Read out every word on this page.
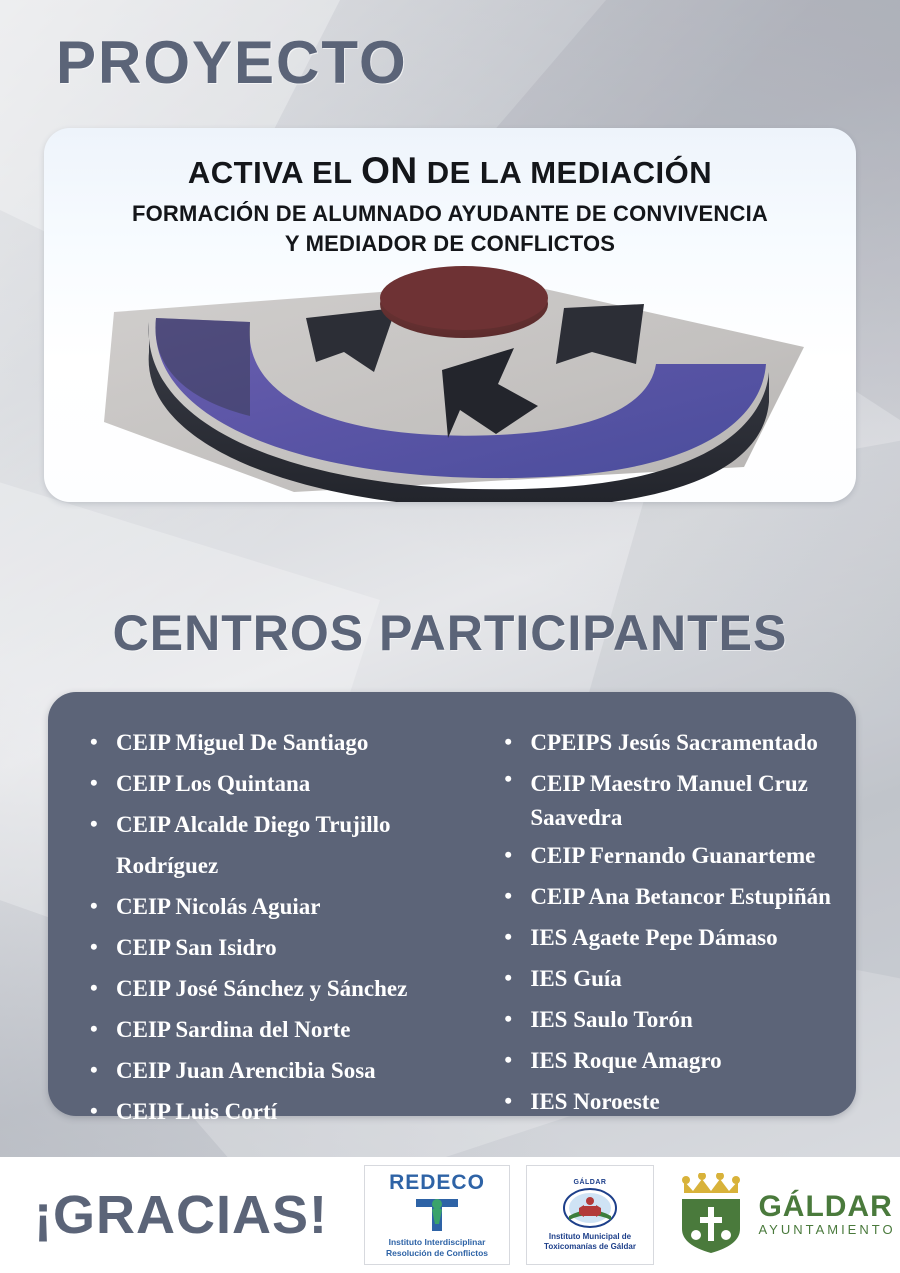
PROYECTO
ACTIVA EL ON DE LA MEDIACIÓN
FORMACIÓN DE ALUMNADO AYUDANTE DE CONVIVENCIA
Y MEDIADOR DE CONFLICTOS
CENTROS PARTICIPANTES
• CEIP Miguel De Santiago
• CEIP Los Quintana
• CEIP Alcalde Diego Trujillo Rodríguez
• CEIP Nicolás Aguiar
• CEIP San Isidro
• CEIP José Sánchez y Sánchez
• CEIP Sardina del Norte
• CEIP Juan Arencibia Sosa
• CEIP Luis Cortí
• CPEIPS Jesús Sacramentado
• CEIP Maestro Manuel Cruz Saavedra
• CEIP Fernando Guanarteme
• CEIP Ana Betancor Estupiñán
• IES Agaete Pepe Dámaso
• IES Guía
• IES Saulo Torón
• IES Roque Amagro
• IES Noroeste
¡GRACIAS!
REDECO
Instituto Interdisciplinar
Resolución de Conflictos
GÁLDAR
Instituto Municipal de
Toxicomanías de Gáldar
GÁLDAR
AYUNTAMIENTO
